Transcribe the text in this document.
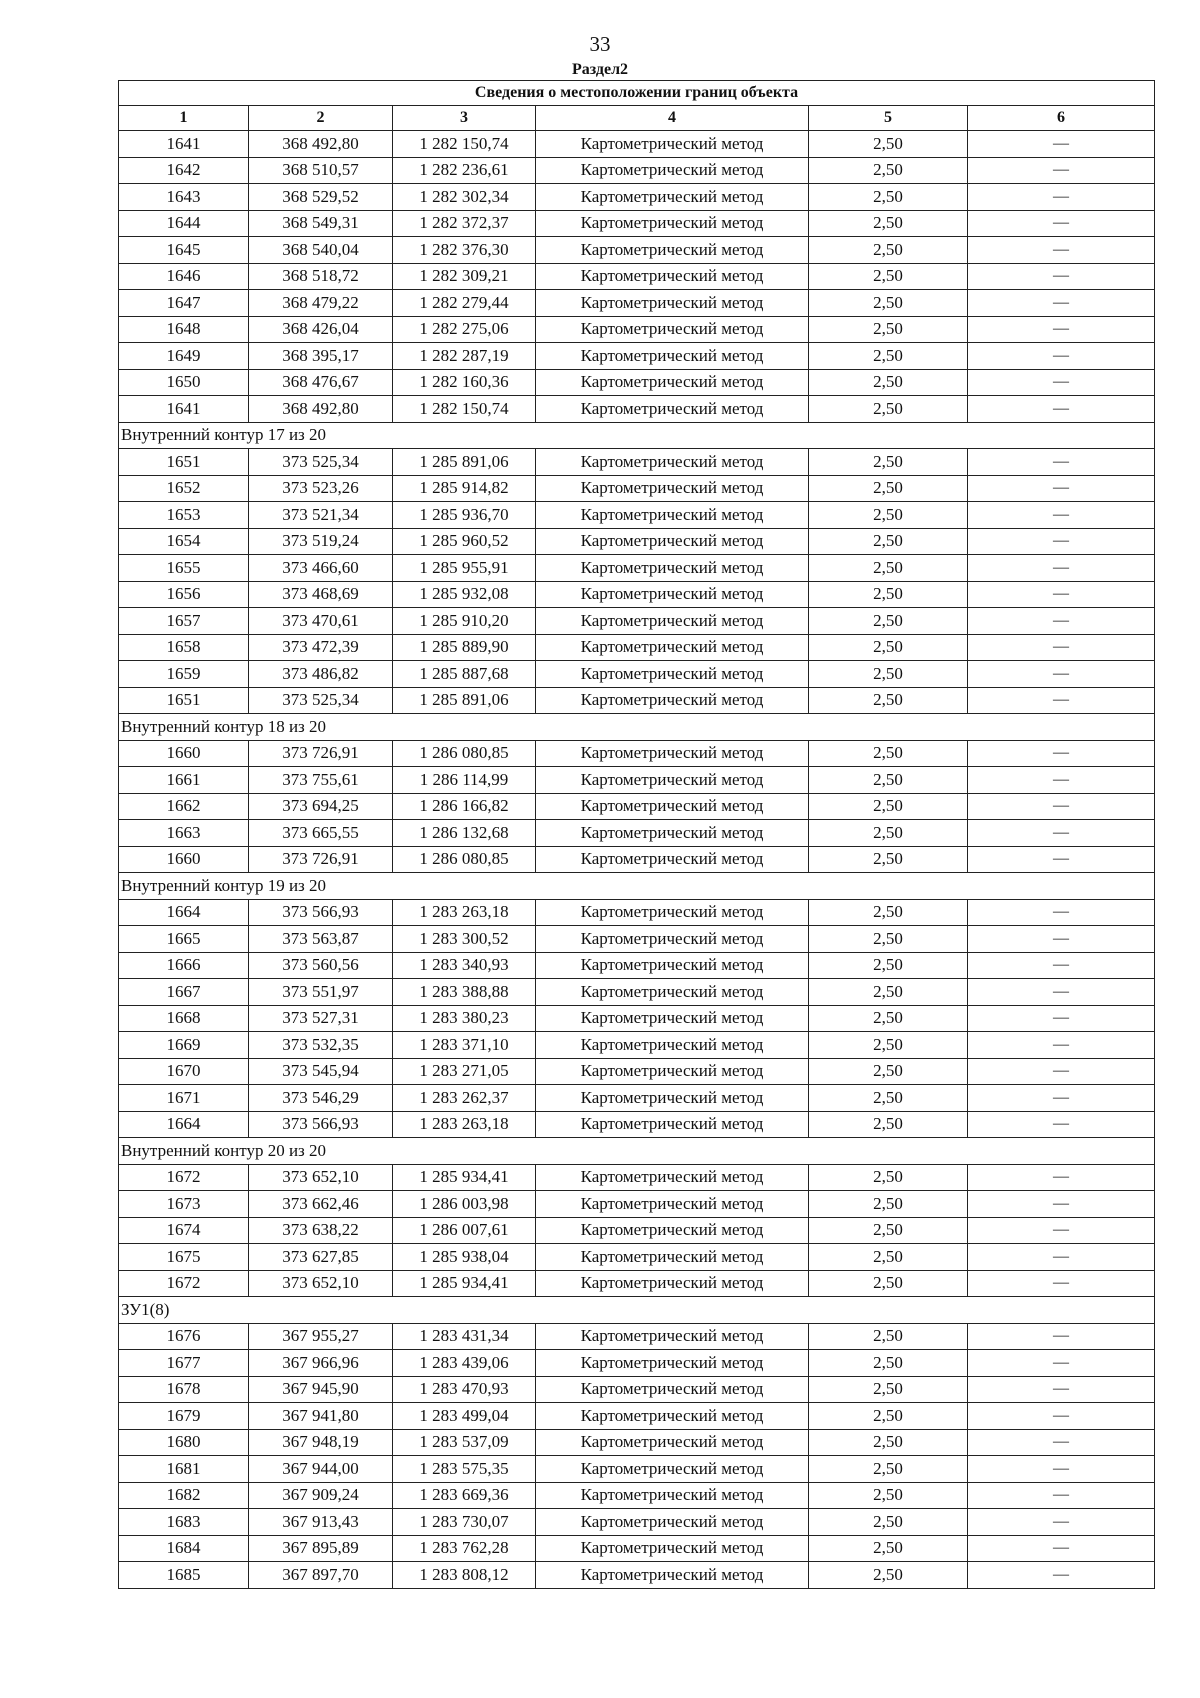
33
Раздел2
Сведения о местоположении границ объекта					
1	2	3	4	5	6
1641	368 492,80	1 282 150,74	Картометрический метод	2,50	—
1642	368 510,57	1 282 236,61	Картометрический метод	2,50	—
1643	368 529,52	1 282 302,34	Картометрический метод	2,50	—
1644	368 549,31	1 282 372,37	Картометрический метод	2,50	—
1645	368 540,04	1 282 376,30	Картометрический метод	2,50	—
1646	368 518,72	1 282 309,21	Картометрический метод	2,50	—
1647	368 479,22	1 282 279,44	Картометрический метод	2,50	—
1648	368 426,04	1 282 275,06	Картометрический метод	2,50	—
1649	368 395,17	1 282 287,19	Картометрический метод	2,50	—
1650	368 476,67	1 282 160,36	Картометрический метод	2,50	—
1641	368 492,80	1 282 150,74	Картометрический метод	2,50	—
Внутренний контур 17 из 20					
1651	373 525,34	1 285 891,06	Картометрический метод	2,50	—
1652	373 523,26	1 285 914,82	Картометрический метод	2,50	—
1653	373 521,34	1 285 936,70	Картометрический метод	2,50	—
1654	373 519,24	1 285 960,52	Картометрический метод	2,50	—
1655	373 466,60	1 285 955,91	Картометрический метод	2,50	—
1656	373 468,69	1 285 932,08	Картометрический метод	2,50	—
1657	373 470,61	1 285 910,20	Картометрический метод	2,50	—
1658	373 472,39	1 285 889,90	Картометрический метод	2,50	—
1659	373 486,82	1 285 887,68	Картометрический метод	2,50	—
1651	373 525,34	1 285 891,06	Картометрический метод	2,50	—
Внутренний контур 18 из 20					
1660	373 726,91	1 286 080,85	Картометрический метод	2,50	—
1661	373 755,61	1 286 114,99	Картометрический метод	2,50	—
1662	373 694,25	1 286 166,82	Картометрический метод	2,50	—
1663	373 665,55	1 286 132,68	Картометрический метод	2,50	—
1660	373 726,91	1 286 080,85	Картометрический метод	2,50	—
Внутренний контур 19 из 20					
1664	373 566,93	1 283 263,18	Картометрический метод	2,50	—
1665	373 563,87	1 283 300,52	Картометрический метод	2,50	—
1666	373 560,56	1 283 340,93	Картометрический метод	2,50	—
1667	373 551,97	1 283 388,88	Картометрический метод	2,50	—
1668	373 527,31	1 283 380,23	Картометрический метод	2,50	—
1669	373 532,35	1 283 371,10	Картометрический метод	2,50	—
1670	373 545,94	1 283 271,05	Картометрический метод	2,50	—
1671	373 546,29	1 283 262,37	Картометрический метод	2,50	—
1664	373 566,93	1 283 263,18	Картометрический метод	2,50	—
Внутренний контур 20 из 20					
1672	373 652,10	1 285 934,41	Картометрический метод	2,50	—
1673	373 662,46	1 286 003,98	Картометрический метод	2,50	—
1674	373 638,22	1 286 007,61	Картометрический метод	2,50	—
1675	373 627,85	1 285 938,04	Картометрический метод	2,50	—
1672	373 652,10	1 285 934,41	Картометрический метод	2,50	—
ЗУ1(8)					
1676	367 955,27	1 283 431,34	Картометрический метод	2,50	—
1677	367 966,96	1 283 439,06	Картометрический метод	2,50	—
1678	367 945,90	1 283 470,93	Картометрический метод	2,50	—
1679	367 941,80	1 283 499,04	Картометрический метод	2,50	—
1680	367 948,19	1 283 537,09	Картометрический метод	2,50	—
1681	367 944,00	1 283 575,35	Картометрический метод	2,50	—
1682	367 909,24	1 283 669,36	Картометрический метод	2,50	—
1683	367 913,43	1 283 730,07	Картометрический метод	2,50	—
1684	367 895,89	1 283 762,28	Картометрический метод	2,50	—
1685	367 897,70	1 283 808,12	Картометрический метод	2,50	—
